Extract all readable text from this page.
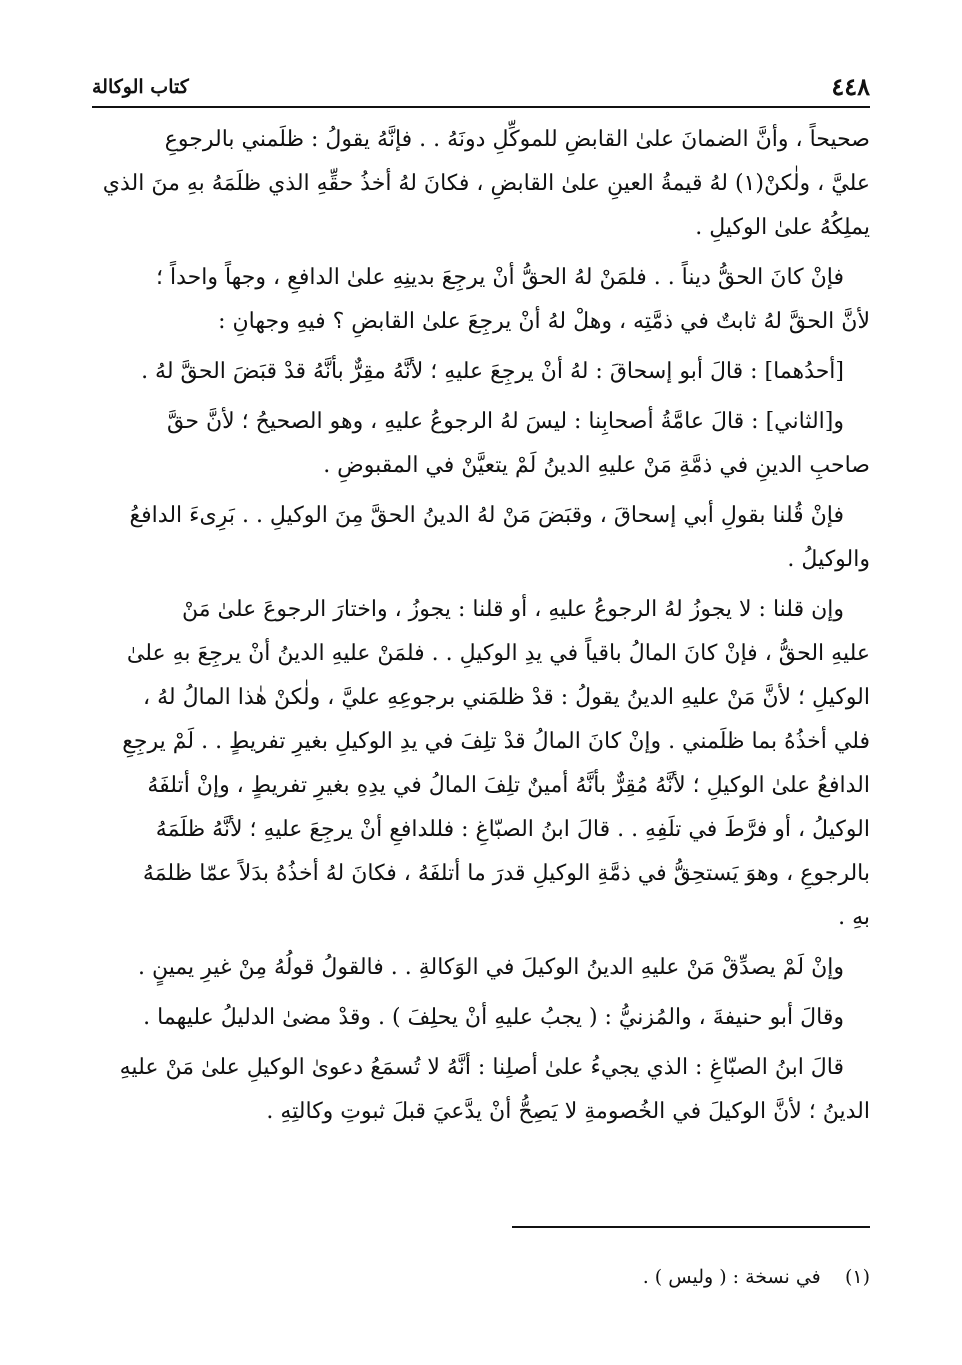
٤٤٨
كتاب الوكالة
صحيحاً ، وأنَّ الضمانَ علىٰ القابضِ للموكِّلِ دونَهُ . . فإنَّهُ يقولُ : ظلَمني بالرجوعِ
عليَّ ، ولٰكنْ(١) لهُ قيمةُ العينِ علىٰ القابضِ ، فكانَ لهُ أخذُ حقِّهِ الذي ظلَمَهُ بهِ منَ الذي
يملِكُهُ علىٰ الوكيلِ .
فإنْ كانَ الحقُّ ديناً . . فلمَنْ لهُ الحقُّ أنْ يرجِعَ بدينِهِ علىٰ الدافعِ ، وجهاً واحداً ؛
لأنَّ الحقَّ لهُ ثابتٌ في ذمَّتِه ، وهلْ لهُ أنْ يرجِعَ علىٰ القابضِ ؟ فيهِ وجهانِ :
[أحدُهما] : قالَ أبو إسحاقَ : لهُ أنْ يرجِعَ عليهِ ؛ لأنَّهُ مقِرٌّ بأنَّهُ قدْ قبَضَ الحقَّ لهُ .
و[الثاني] : قالَ عامَّةُ أصحابِنا : ليسَ لهُ الرجوعُ عليهِ ، وهو الصحيحُ ؛ لأنَّ حقَّ
صاحبِ الدينِ في ذمَّةِ مَنْ عليهِ الدينُ لَمْ يتعيَّنْ في المقبوضِ .
فإنْ قُلنا بقولِ أبي إسحاقَ ، وقبَضَ مَنْ لهُ الدينُ الحقَّ مِنَ الوكيلِ . . بَرِىءَ الدافعُ
والوكيلُ .
وإن قلنا : لا يجوزُ لهُ الرجوعُ عليهِ ، أو قلنا : يجوزُ ، واختارَ الرجوعَ علىٰ مَنْ
عليهِ الحقُّ ، فإنْ كانَ المالُ باقياً في يدِ الوكيلِ . . فلمَنْ عليهِ الدينُ أنْ يرجِعَ بهِ علىٰ
الوكيلِ ؛ لأنَّ مَنْ عليهِ الدينُ يقولُ : قدْ ظلمَني برجوعِهِ عليَّ ، ولٰكنْ هٰذا المالُ لهُ ،
فلي أخذُهُ بما ظلَمني . وإنْ كانَ المالُ قدْ تلِفَ في يدِ الوكيلِ بغيرِ تفريطٍ . . لَمْ يرجِعِ
الدافعُ علىٰ الوكيلِ ؛ لأنَّهُ مُقِرٌّ بأنَّهُ أمينٌ تلِفَ المالُ في يدِهِ بغيرِ تفريطٍ ، وإنْ أتلفَهُ
الوكيلُ ، أو فرَّطَ في تلَفِهِ . . قالَ ابنُ الصبّاغِ : فللدافعِ أنْ يرجِعَ عليهِ ؛ لأنَّهُ ظلَمَهُ
بالرجوعِ ، وهوَ يَستحِقُّ في ذمَّةِ الوكيلِ قدرَ ما أتلفَهُ ، فكانَ لهُ أخذُهُ بدَلاً عمّا ظلمَهُ
بهِ .
وإنْ لَمْ يصدِّقْ مَنْ عليهِ الدينُ الوكيلَ في الوَكالةِ . . فالقولُ قولُهُ مِنْ غيرِ يمينٍ .
وقالَ أبو حنيفةَ ، والمُزنيُّ : ( يجبُ عليهِ أنْ يحلِفَ ) . وقدْ مضىٰ الدليلُ عليهما .
قالَ ابنُ الصبّاغِ : الذي يجيءُ علىٰ أصلِنا : أنَّهُ لا تُسمَعُ دعوىٰ الوكيلِ علىٰ مَنْ عليهِ
الدينُ ؛ لأنَّ الوكيلَ في الخُصومةِ لا يَصِحُّ أنْ يدَّعيَ قبلَ ثبوتِ وكالتِهِ .
(١)    في نسخة : ( وليس ) .
